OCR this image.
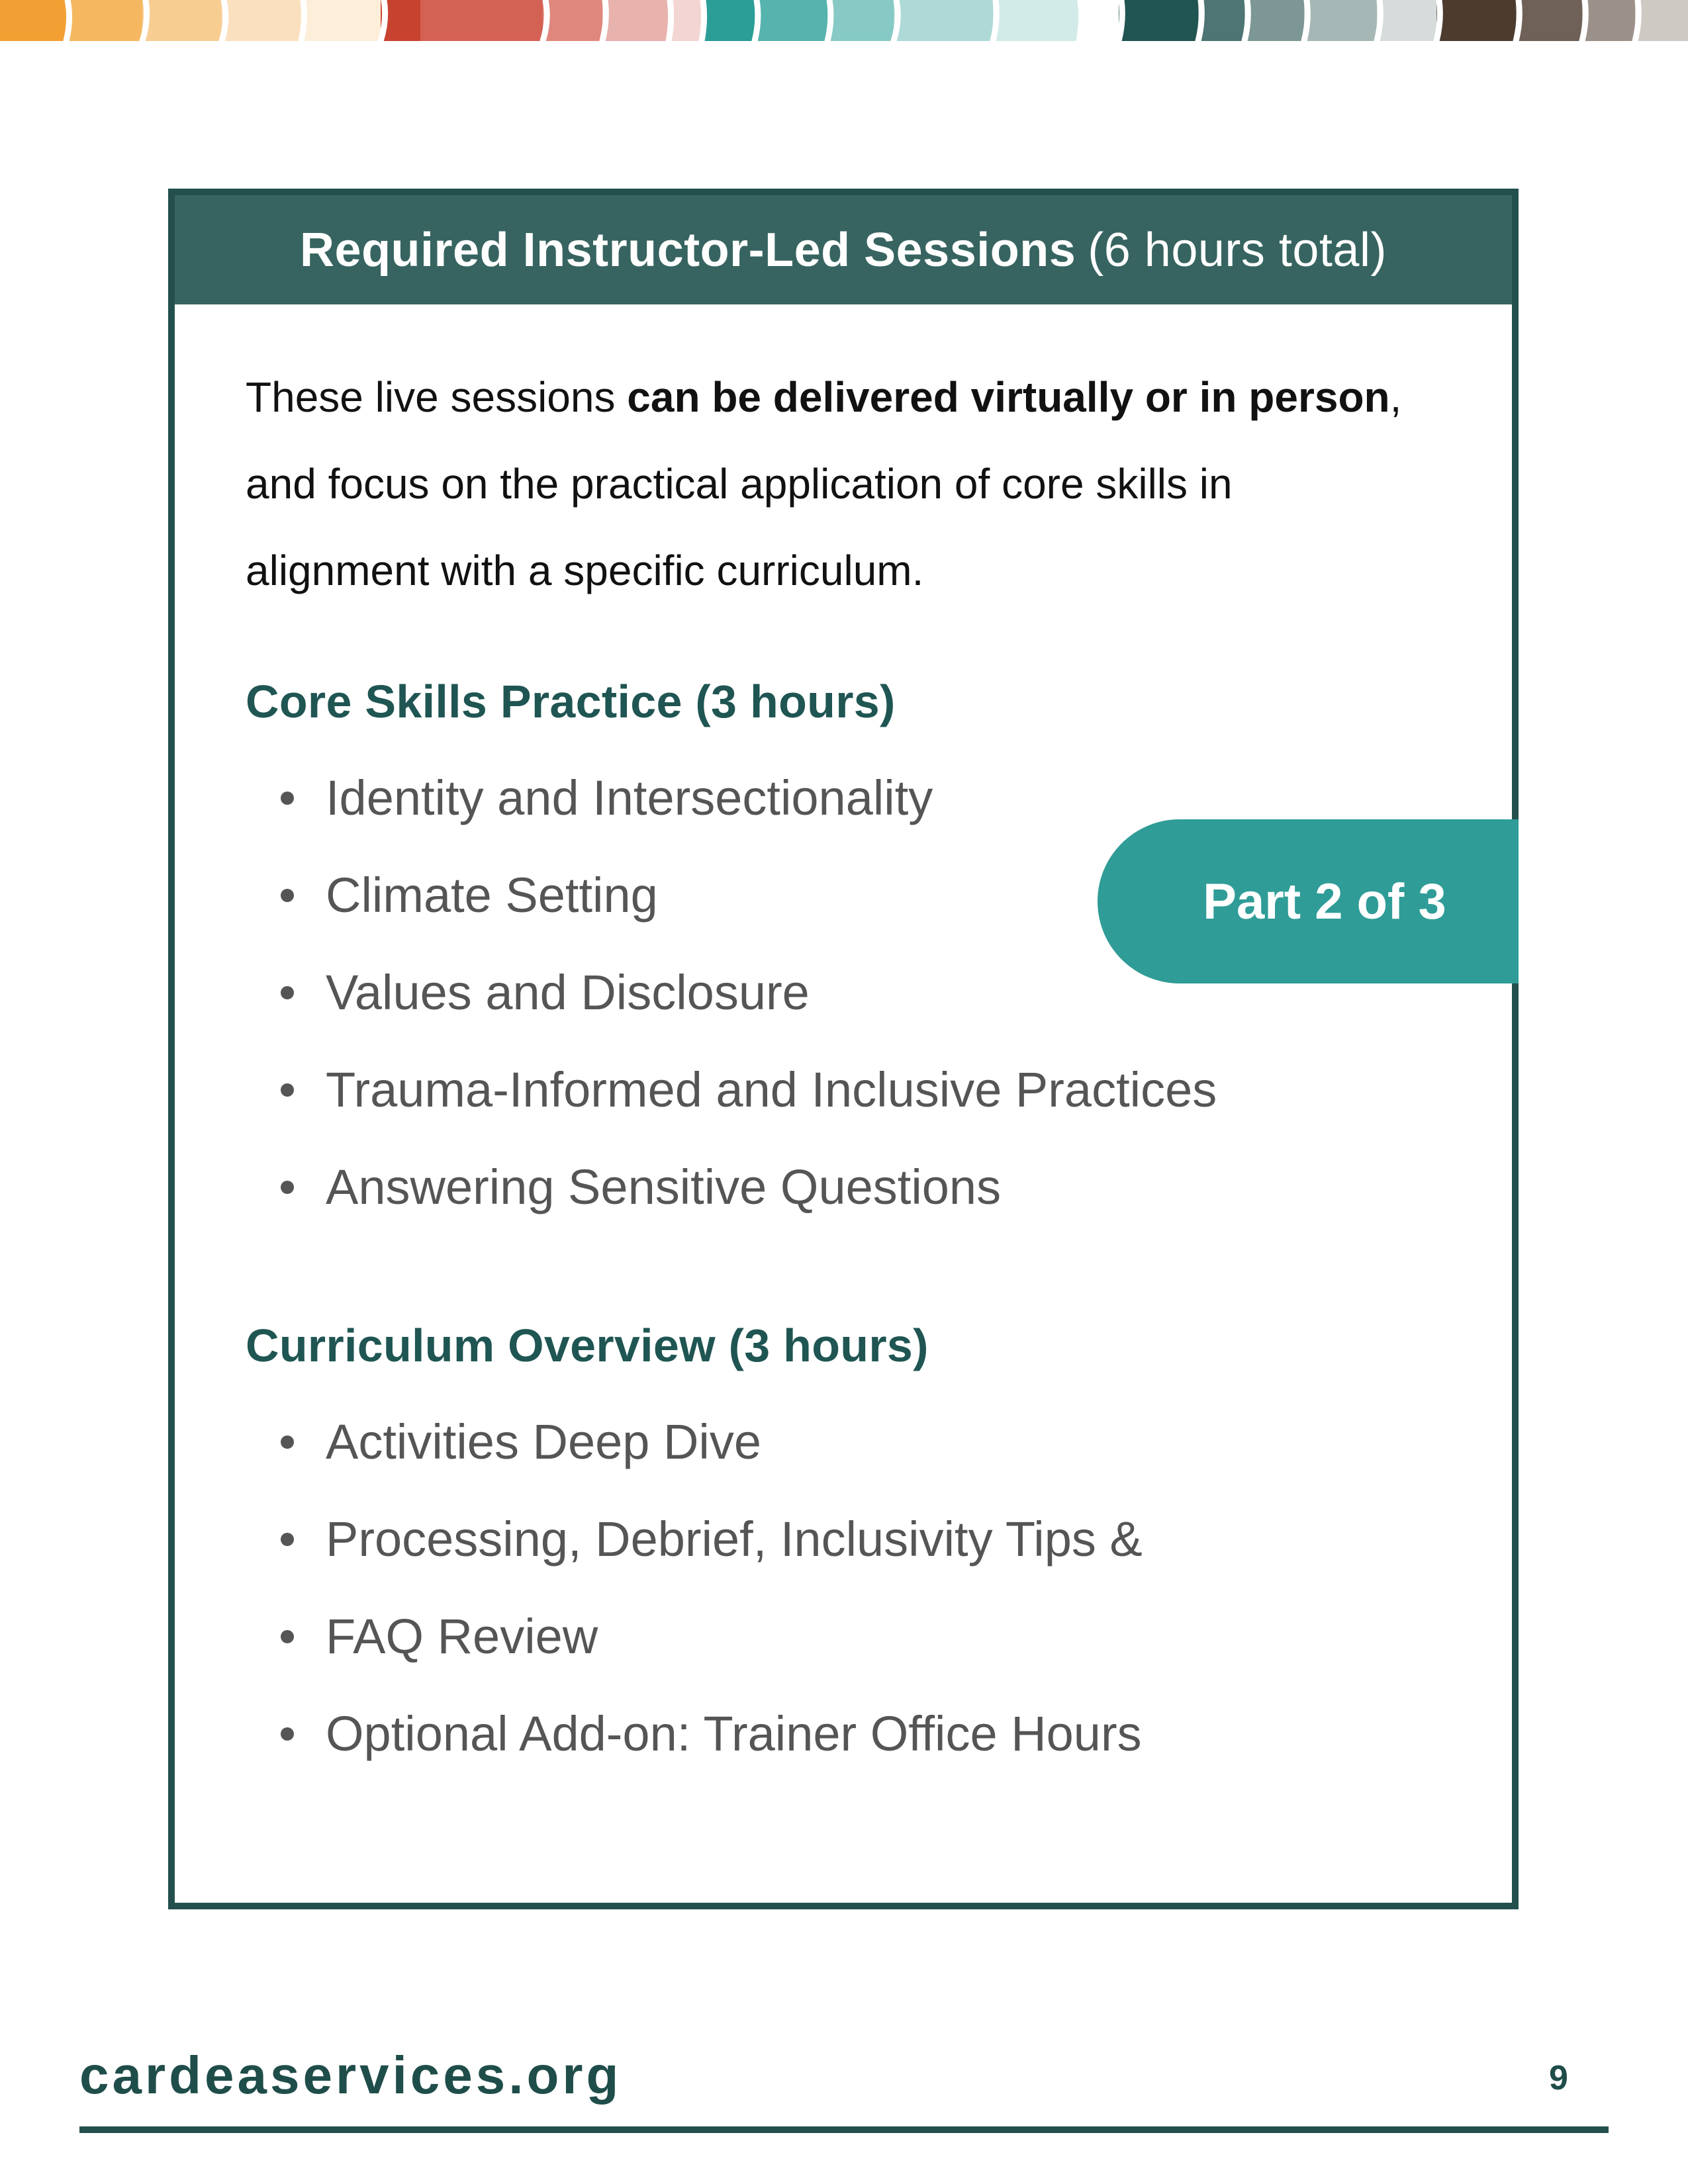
Required Instructor-Led Sessions (6 hours total)
These live sessions can be delivered virtually or in person, and focus on the practical application of core skills in alignment with a specific curriculum.
Core Skills Practice (3 hours)
Identity and Intersectionality
Climate Setting
Values and Disclosure
Trauma-Informed and Inclusive Practices
Answering Sensitive Questions
Curriculum Overview (3 hours)
Activities Deep Dive
Processing, Debrief, Inclusivity Tips &
FAQ Review
Optional Add-on: Trainer Office Hours
Part 2 of 3
cardeaservices.org	9
